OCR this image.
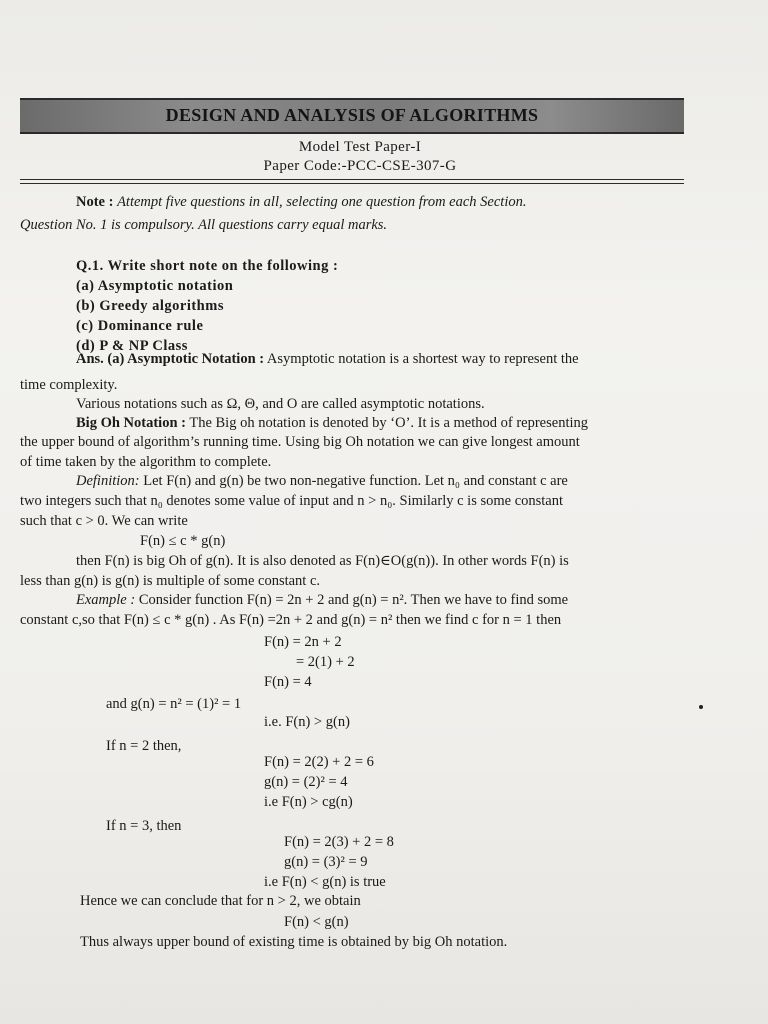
DESIGN AND ANALYSIS OF ALGORITHMS
Model Test Paper-I
Paper Code:-PCC-CSE-307-G
Note : Attempt five questions in all, selecting one question from each Section.
Question No. 1 is compulsory. All questions carry equal marks.
Q.1. Write short note on the following :
(a) Asymptotic notation
(b) Greedy algorithms
(c) Dominance rule
(d) P & NP Class
Ans. (a) Asymptotic Notation : Asymptotic notation is a shortest way to represent the
time complexity.
Various notations such as Ω, Θ, and O are called asymptotic notations.
Big Oh Notation : The Big oh notation is denoted by ‘O’. It is a method of representing
the upper bound of algorithm’s running time. Using big Oh notation we can give longest amount
of time taken by the algorithm to complete.
Definition: Let F(n) and g(n) be two non-negative function. Let n₀ and constant c are
two integers such that n₀ denotes some value of input and n > n₀. Similarly c is some constant
such that c > 0. We can write
F(n) ≤ c * g(n)
then F(n) is big Oh of g(n). It is also denoted as F(n)∈O(g(n)). In other words F(n) is
less than g(n) is g(n) is multiple of some constant c.
Example : Consider function F(n) = 2n + 2 and g(n) = n². Then we have to find some
constant c,so that F(n) ≤ c * g(n) . As F(n) =2n + 2 and g(n) = n² then we find c for n = 1 then
F(n) = 2n + 2
= 2(1) + 2
F(n) = 4
and g(n) = n² = (1)² = 1
i.e. F(n) > g(n)
If n = 2 then,
F(n) = 2(2) + 2 = 6
g(n) = (2)² = 4
i.e F(n) > cg(n)
If n = 3, then
F(n) = 2(3) + 2 = 8
g(n) = (3)² = 9
i.e F(n) < g(n) is true
Hence we can conclude that for n > 2, we obtain
F(n) < g(n)
Thus always upper bound of existing time is obtained by big Oh notation.
